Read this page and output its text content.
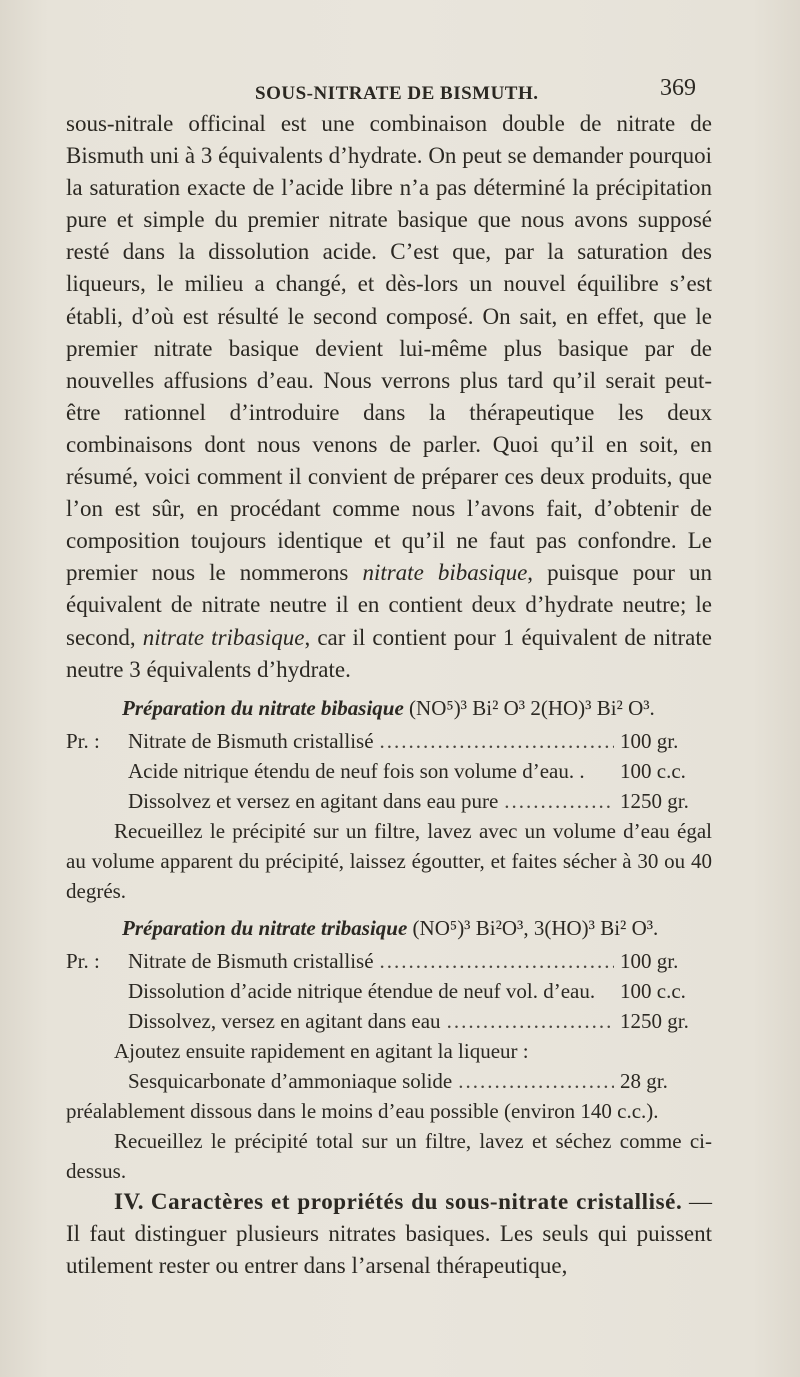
SOUS-NITRATE DE BISMUTH.	369

sous-nitrale officinal est une combinaison double de nitrate de Bismuth uni à 3 équivalents d’hydrate. On peut se demander pourquoi la saturation exacte de l’acide libre n’a pas déterminé la précipitation pure et simple du premier nitrate basique que nous avons supposé resté dans la dissolution acide. C’est que, par la saturation des liqueurs, le milieu a changé, et dès-lors un nouvel équilibre s’est établi, d’où est résulté le second composé. On sait, en effet, que le premier nitrate basique devient lui-même plus basique par de nouvelles affusions d’eau. Nous verrons plus tard qu’il serait peut-être rationnel d’introduire dans la thérapeutique les deux combinaisons dont nous venons de parler. Quoi qu’il en soit, en résumé, voici comment il convient de préparer ces deux produits, que l’on est sûr, en procédant comme nous l’avons fait, d’obtenir de composition toujours identique et qu’il ne faut pas confondre. Le premier nous le nommerons nitrate bibasique, puisque pour un équivalent de nitrate neutre il en contient deux d’hydrate neutre; le second, nitrate tribasique, car il contient pour 1 équivalent de nitrate neutre 3 équivalents d’hydrate.

Préparation du nitrate bibasique (NO⁵)³ Bi² O³ 2(HO)³ Bi² O³.
Pr. :	Nitrate de Bismuth cristallisé .....	100 gr.
Acide nitrique étendu de neuf fois son volume d’eau. . 100 c.c.
Dissolvez et versez en agitant dans eau pure .....	1250 gr.

Recueillez le précipité sur un filtre, lavez avec un volume d’eau égal au volume apparent du précipité, laissez égoutter, et faites sécher à 30 ou 40 degrés.

Préparation du nitrate tribasique (NO⁵)³ Bi²O³, 3(HO)³ Bi² O³.
Pr. :	Nitrate de Bismuth cristallisé .....	100 gr.
Dissolution d’acide nitrique étendue de neuf vol. d’eau. 100 c.c.
Dissolvez, versez en agitant dans eau .....	1250 gr.

Ajoutez ensuite rapidement en agitant la liqueur :

Sesquicarbonate d’ammoniaque solide .....	28 gr.

préalablement dissous dans le moins d’eau possible (environ 140 c.c.).

Recueillez le précipité total sur un filtre, lavez et séchez comme ci-dessus.

IV. Caractères et propriétés du sous-nitrate cristallisé. — Il faut distinguer plusieurs nitrates basiques. Les seuls qui puissent utilement rester ou entrer dans l’arsenal thérapeutique,
